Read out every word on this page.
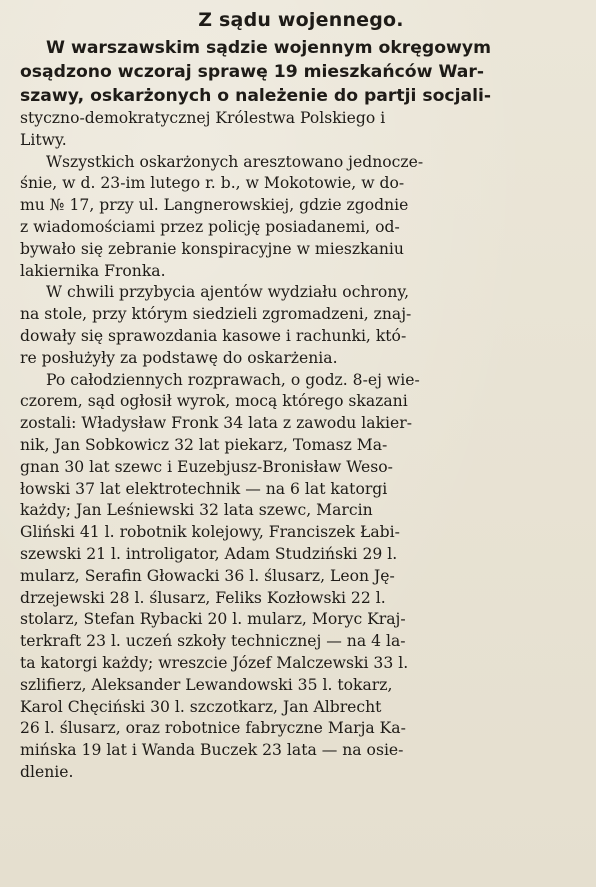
Z sądu wojennego.

W warszawskim sądzie wojennym okręgowym
osądzono wczoraj sprawę 19 mieszkańców War-
szawy, oskarżonych o należenie do partji socjali-

styczno-demokratycznej Królestwa Polskiego i
Litwy.

Wszystkich oskarżonych aresztowano jednocze-
śnie, w d. 23-im lutego r. b., w Mokotowie, w do-
mu № 17, przy ul. Langnerowskiej, gdzie zgodnie
z wiadomościami przez policję posiadanemi, od-
bywało się zebranie konspiracyjne w mieszkaniu
lakiernika Fronka.

W chwili przybycia ajentów wydziału ochrony,
na stole, przy którym siedzieli zgromadzeni, znaj-
dowały się sprawozdania kasowe i rachunki, któ-
re posłużyły za podstawę do oskarżenia.

Po całodziennych rozprawach, o godz. 8-ej wie-
czorem, sąd ogłosił wyrok, mocą którego skazani
zostali: Władysław Fronk 34 lata z zawodu lakier-
nik, Jan Sobkowicz 32 lat piekarz, Tomasz Ma-
gnan 30 lat szewc i Euzebjusz-Bronisław Weso-
łowski 37 lat elektrotechnik — na 6 lat katorgi
każdy; Jan Leśniewski 32 lata szewc, Marcin
Gliński 41 l. robotnik kolejowy, Franciszek Łabi-
szewski 21 l. introligator, Adam Studziński 29 l.
mularz, Serafin Głowacki 36 l. ślusarz, Leon Ję-
drzejewski 28 l. ślusarz, Feliks Kozłowski 22 l.
stolarz, Stefan Rybacki 20 l. mularz, Moryc Kraj-
terkraft 23 l. uczeń szkoły technicznej — na 4 la-
ta katorgi każdy; wreszcie Józef Malczewski 33 l.
szlifierz, Aleksander Lewandowski 35 l. tokarz,
Karol Chęciński 30 l. szczotkarz, Jan Albrecht
26 l. ślusarz, oraz robotnice fabryczne Marja Ka-
mińska 19 lat i Wanda Buczek 23 lata — na osie-
dlenie.
